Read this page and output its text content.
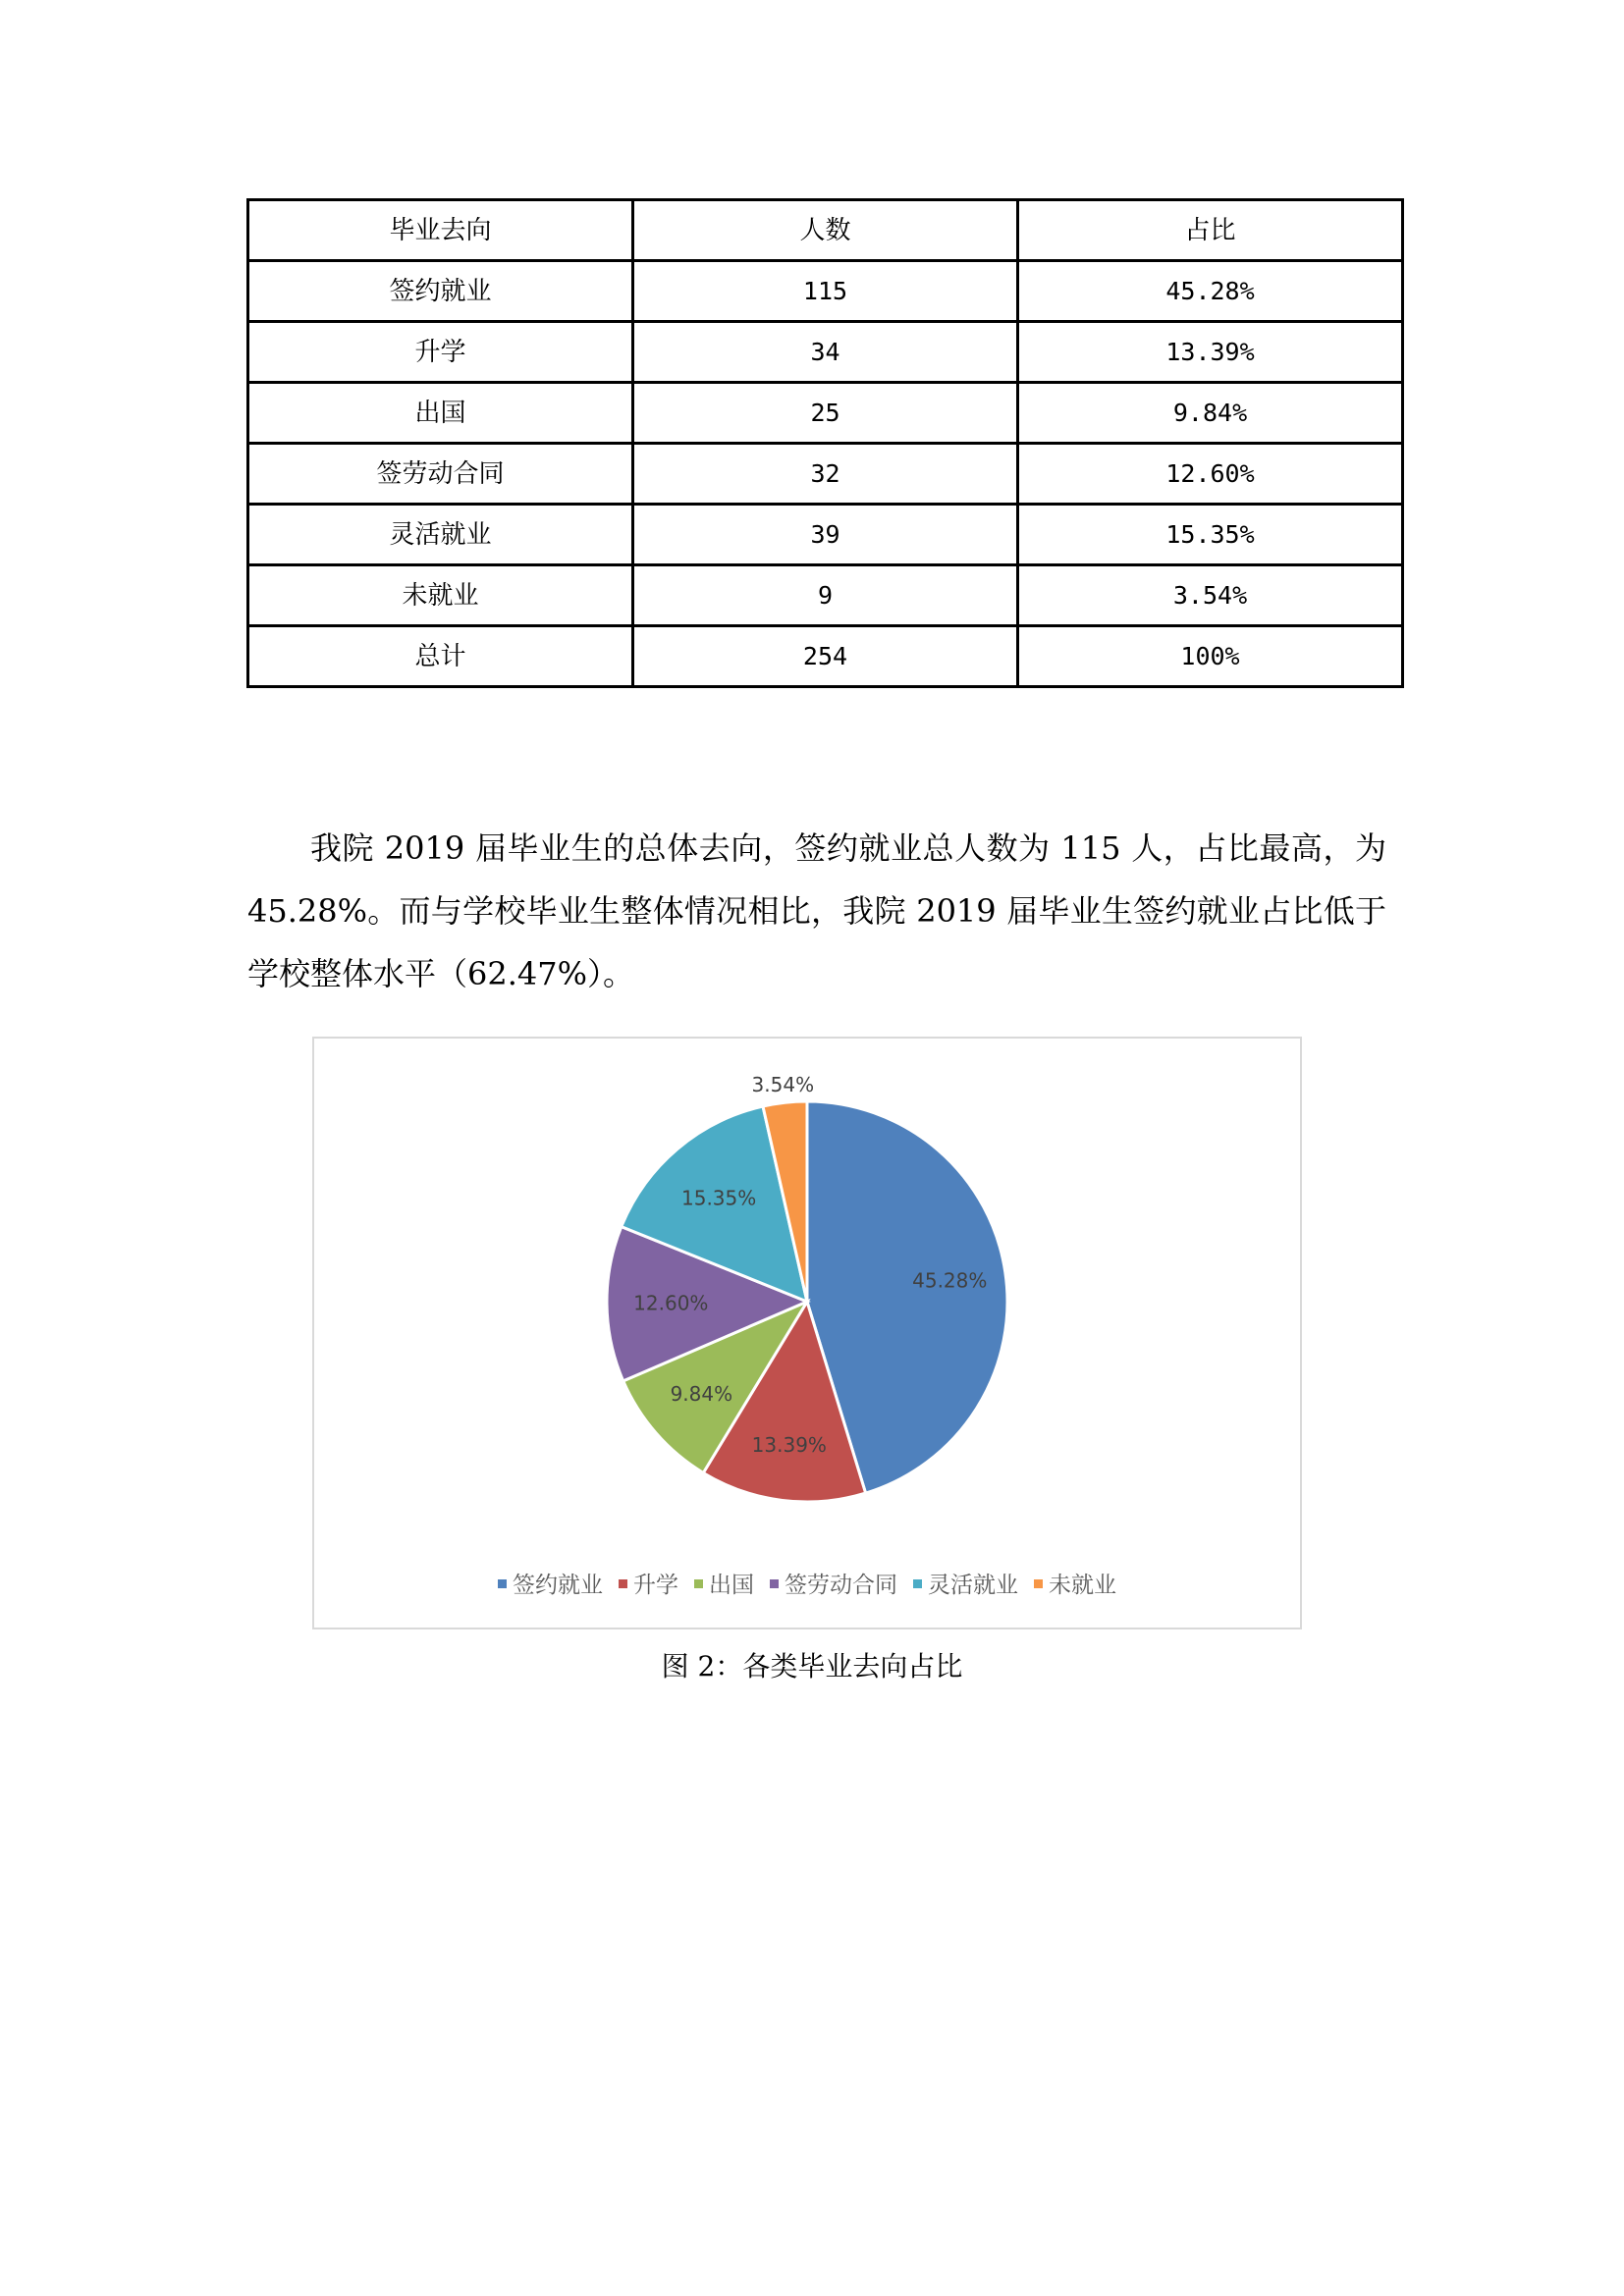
毕业去向	人数	占比
签约就业	115	45.28%
升学	34	13.39%
出国	25	9.84%
签劳动合同	32	12.60%
灵活就业	39	15.35%
未就业	9	3.54%
总计	254	100%

我院 2019 届毕业生的总体去向，签约就业总人数为 115 人，占比最高，为 45.28%。而与学校毕业生整体情况相比，我院 2019 届毕业生签约就业占比低于学校整体水平（62.47%）。

45.28%
13.39%
9.84%
12.60%
15.35%
3.54%
签约就业 升学 出国 签劳动合同 灵活就业 未就业
图 2：各类毕业去向占比
